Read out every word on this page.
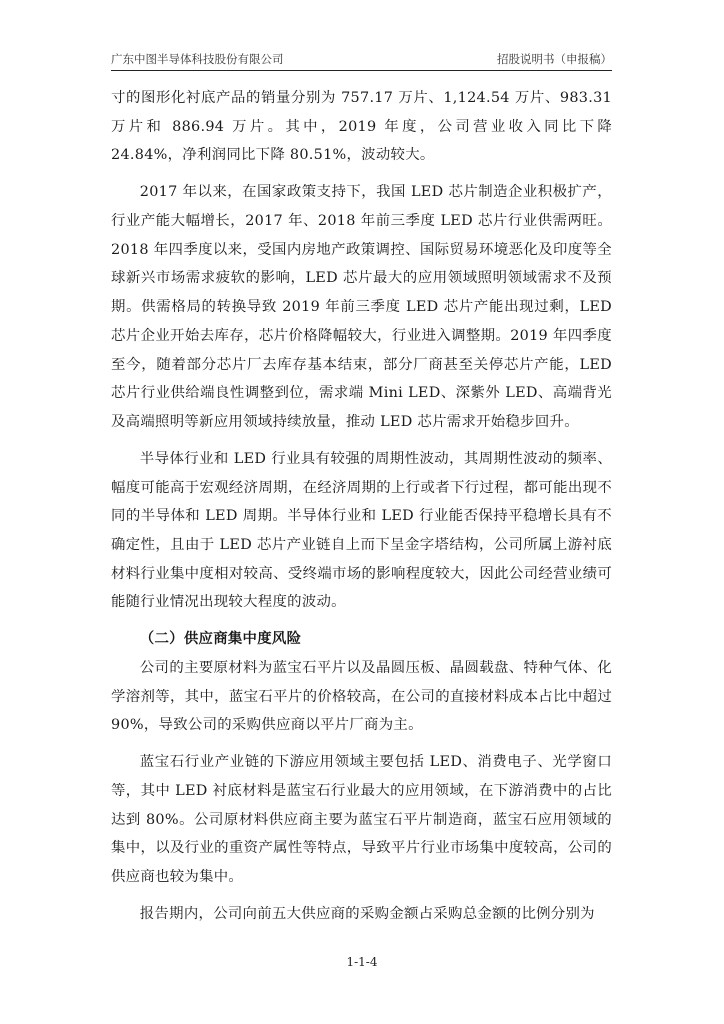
广东中图半导体科技股份有限公司	招股说明书（申报稿）

寸的图形化衬底产品的销量分别为 757.17 万片、1,124.54 万片、983.31 万片和 886.94 万片。其中，2019 年度，公司营业收入同比下降 24.84%，净利润同比下降 80.51%，波动较大。

2017 年以来，在国家政策支持下，我国 LED 芯片制造企业积极扩产，行业产能大幅增长，2017 年、2018 年前三季度 LED 芯片行业供需两旺。2018 年四季度以来，受国内房地产政策调控、国际贸易环境恶化及印度等全球新兴市场需求疲软的影响，LED 芯片最大的应用领域照明领域需求不及预期。供需格局的转换导致 2019 年前三季度 LED 芯片产能出现过剩，LED 芯片企业开始去库存，芯片价格降幅较大，行业进入调整期。2019 年四季度至今，随着部分芯片厂去库存基本结束，部分厂商甚至关停芯片产能，LED 芯片行业供给端良性调整到位，需求端 Mini LED、深紫外 LED、高端背光及高端照明等新应用领域持续放量，推动 LED 芯片需求开始稳步回升。

半导体行业和 LED 行业具有较强的周期性波动，其周期性波动的频率、幅度可能高于宏观经济周期，在经济周期的上行或者下行过程，都可能出现不同的半导体和 LED 周期。半导体行业和 LED 行业能否保持平稳增长具有不确定性，且由于 LED 芯片产业链自上而下呈金字塔结构，公司所属上游衬底材料行业集中度相对较高、受终端市场的影响程度较大，因此公司经营业绩可能随行业情况出现较大程度的波动。

（二）供应商集中度风险

公司的主要原材料为蓝宝石平片以及晶圆压板、晶圆载盘、特种气体、化学溶剂等，其中，蓝宝石平片的价格较高，在公司的直接材料成本占比中超过 90%，导致公司的采购供应商以平片厂商为主。

蓝宝石行业产业链的下游应用领域主要包括 LED、消费电子、光学窗口等，其中 LED 衬底材料是蓝宝石行业最大的应用领域，在下游消费中的占比达到 80%。公司原材料供应商主要为蓝宝石平片制造商，蓝宝石应用领域的集中，以及行业的重资产属性等特点，导致平片行业市场集中度较高，公司的供应商也较为集中。

报告期内，公司向前五大供应商的采购金额占采购总金额的比例分别为

1-1-4
